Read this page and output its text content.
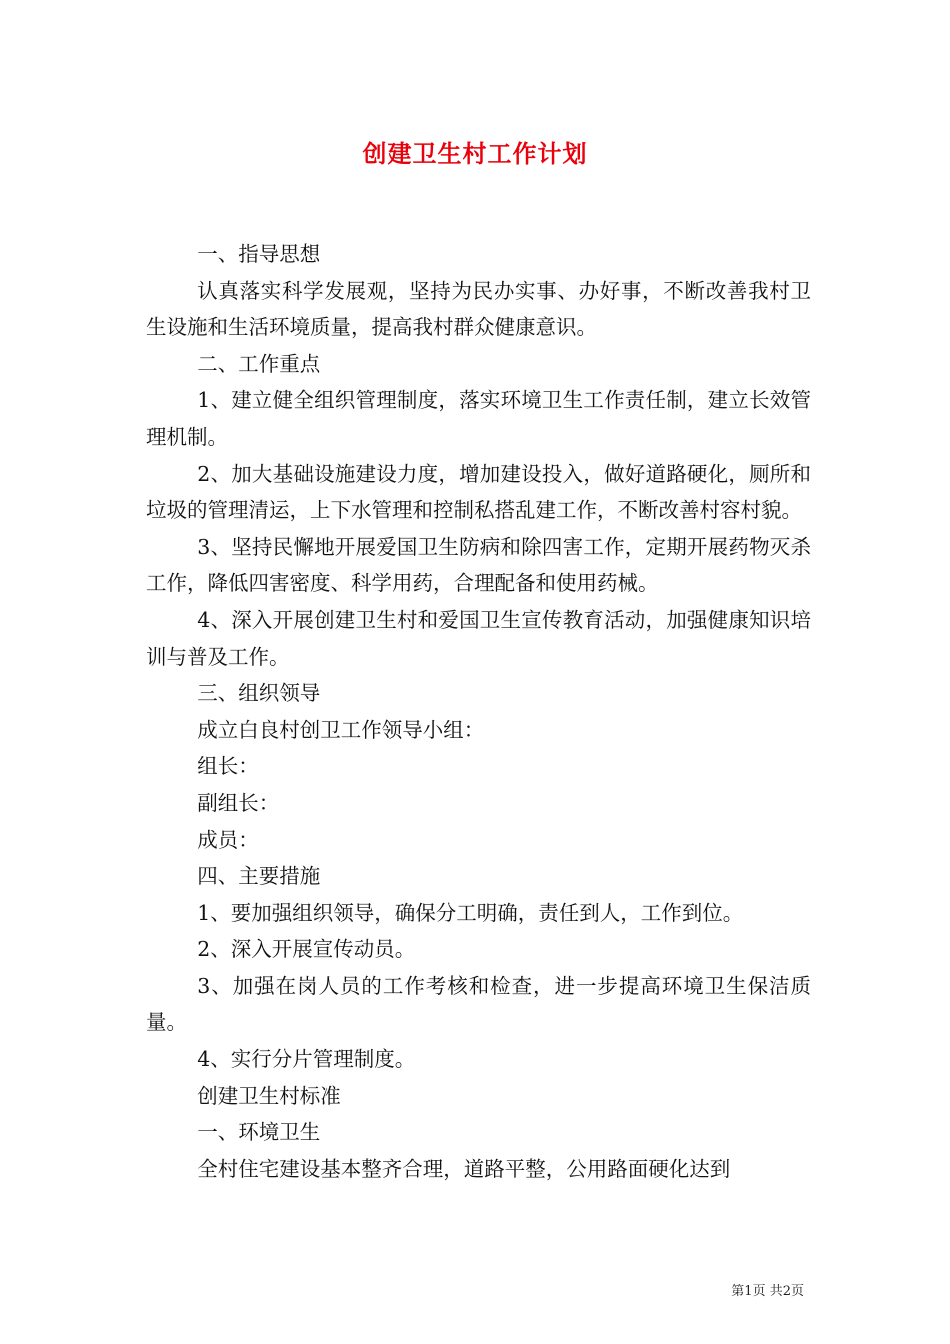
创建卫生村工作计划

一、指导思想

认真落实科学发展观，坚持为民办实事、办好事，不断改善我村卫生设施和生活环境质量，提高我村群众健康意识。

二、工作重点

1、建立健全组织管理制度，落实环境卫生工作责任制，建立长效管理机制。

2、加大基础设施建设力度，增加建设投入，做好道路硬化，厕所和垃圾的管理清运，上下水管理和控制私搭乱建工作，不断改善村容村貌。

3、坚持民懈地开展爱国卫生防病和除四害工作，定期开展药物灭杀工作，降低四害密度、科学用药，合理配备和使用药械。

4、深入开展创建卫生村和爱国卫生宣传教育活动，加强健康知识培训与普及工作。

三、组织领导

成立白良村创卫工作领导小组：

组长：

副组长：

成员：

四、主要措施

1、要加强组织领导，确保分工明确，责任到人，工作到位。

2、深入开展宣传动员。

3、加强在岗人员的工作考核和检查，进一步提高环境卫生保洁质量。

4、实行分片管理制度。

创建卫生村标准

一、环境卫生

全村住宅建设基本整齐合理，道路平整，公用路面硬化达到

第1页 共2页
